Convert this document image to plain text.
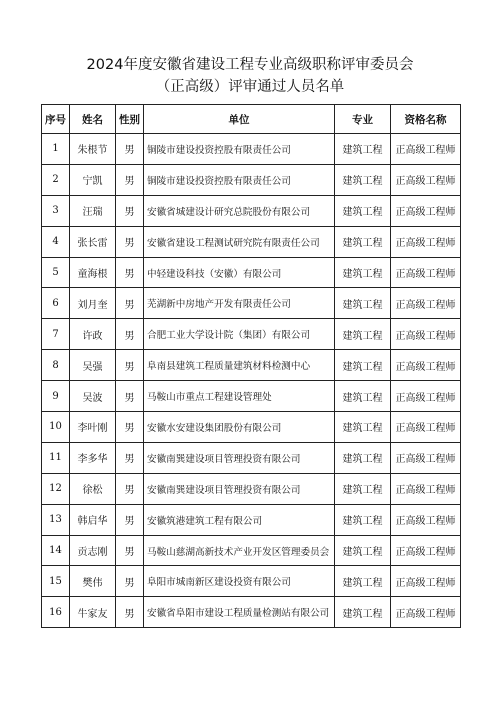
2024年度安徽省建设工程专业高级职称评审委员会
（正高级）评审通过人员名单
序号	姓名	性别	单位	专业	资格名称
1	朱根节	男	铜陵市建设投资控股有限责任公司	建筑工程	正高级工程师
2	宁凯	男	铜陵市建设投资控股有限责任公司	建筑工程	正高级工程师
3	汪瑞	男	安徽省城建设计研究总院股份有限公司	建筑工程	正高级工程师
4	张长雷	男	安徽省建设工程测试研究院有限责任公司	建筑工程	正高级工程师
5	童海根	男	中轻建设科技（安徽）有限公司	建筑工程	正高级工程师
6	刘月奎	男	芜湖新中房地产开发有限责任公司	建筑工程	正高级工程师
7	许政	男	合肥工业大学设计院（集团）有限公司	建筑工程	正高级工程师
8	吴强	男	阜南县建筑工程质量建筑材料检测中心	建筑工程	正高级工程师
9	吴波	男	马鞍山市重点工程建设管理处	建筑工程	正高级工程师
10	李叶刚	男	安徽水安建设集团股份有限公司	建筑工程	正高级工程师
11	李多华	男	安徽南巽建设项目管理投资有限公司	建筑工程	正高级工程师
12	徐松	男	安徽南巽建设项目管理投资有限公司	建筑工程	正高级工程师
13	韩启华	男	安徽筑港建筑工程有限公司	建筑工程	正高级工程师
14	贡志刚	男	马鞍山慈湖高新技术产业开发区管理委员会	建筑工程	正高级工程师
15	樊伟	男	阜阳市城南新区建设投资有限公司	建筑工程	正高级工程师
16	牛家友	男	安徽省阜阳市建设工程质量检测站有限公司	建筑工程	正高级工程师
